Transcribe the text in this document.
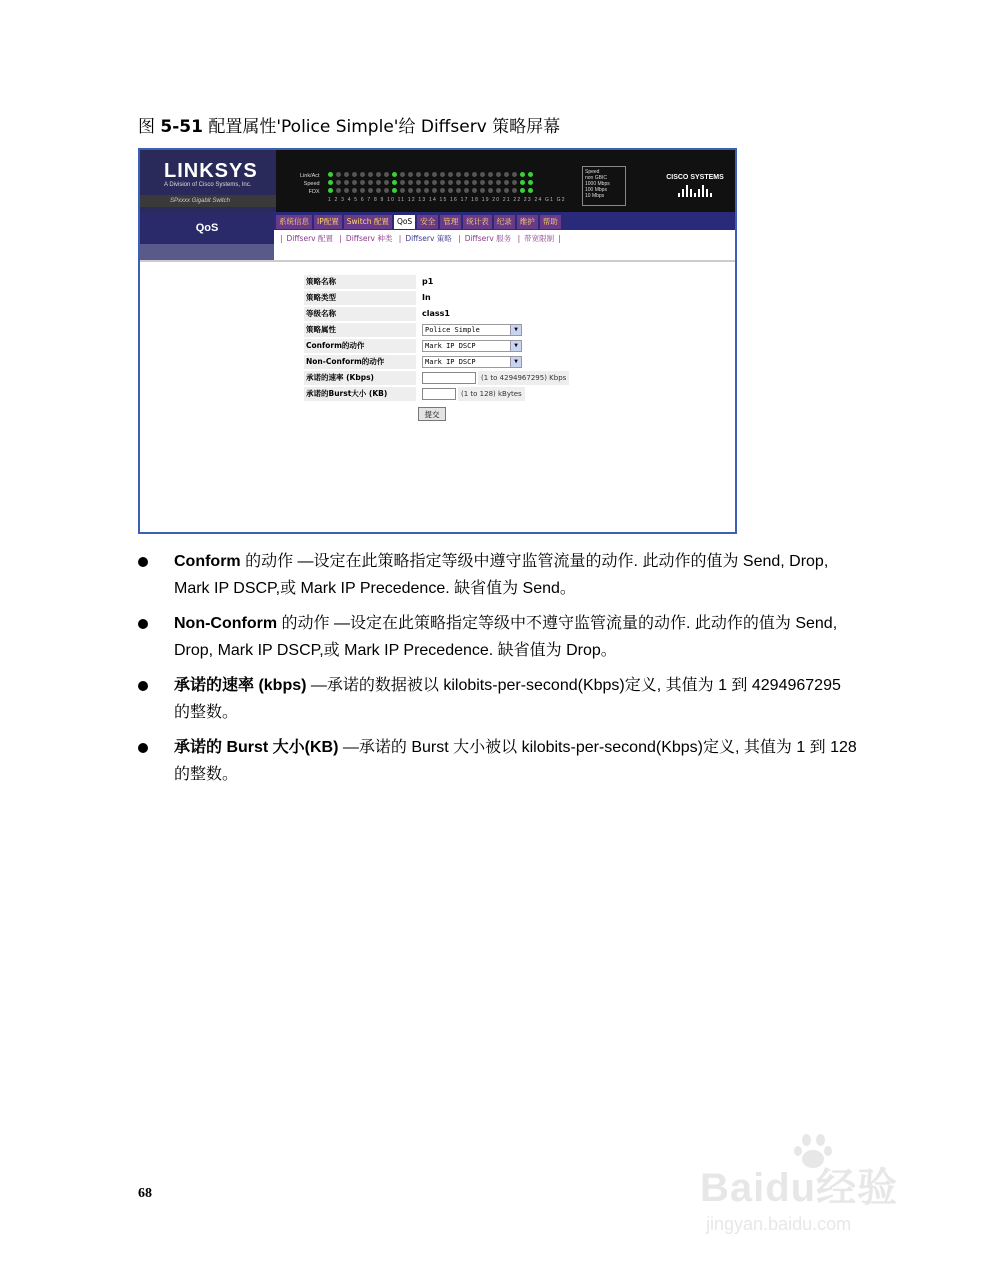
图 5-51 配置属性'Police Simple'给 Diffserv 策略屏幕
LINKSYS
A Division of Cisco Systems, Inc.
SPxxxx Gigabit Switch
Link/Act
Speed
FDX
1 2 3 4 5 6 7 8 9 10 11 12 13 14 15 16 17 18 19 20 21 22 23 24 G1 G2
Speed
non GBIC
1000 Mbps
100 Mbps
10 Mbps
CISCO SYSTEMS
QoS
系统信息	IP配置	Switch 配置	QoS	安全	管理	统计表	纪录	维护	帮助
| Diffserv 配置 | Diffserv 种类 | Diffserv 策略 | Diffserv 服务 | 带宽限制 |
策略名称	p1
策略类型	In
等级名称	class1
策略属性	Police Simple	▼
Conform的动作	Mark IP DSCP	▼
Non-Conform的动作	Mark IP DSCP	▼
承诺的速率 (Kbps)	(1 to 4294967295) Kbps
承诺的Burst大小 (KB)	(1 to 128) kBytes
提交
Conform 的动作 —设定在此策略指定等级中遵守监管流量的动作. 此动作的值为 Send, Drop, Mark IP DSCP,或 Mark IP Precedence. 缺省值为 Send。
Non-Conform 的动作 —设定在此策略指定等级中不遵守监管流量的动作. 此动作的值为 Send, Drop, Mark IP DSCP,或 Mark IP Precedence. 缺省值为 Drop。
承诺的速率 (kbps) —承诺的数据被以 kilobits-per-second(Kbps)定义, 其值为 1 到 4294967295 的整数。
承诺的 Burst 大小(KB) —承诺的 Burst 大小被以 kilobits-per-second(Kbps)定义, 其值为 1 到 128 的整数。
68	Baidu经验
jingyan.baidu.com
